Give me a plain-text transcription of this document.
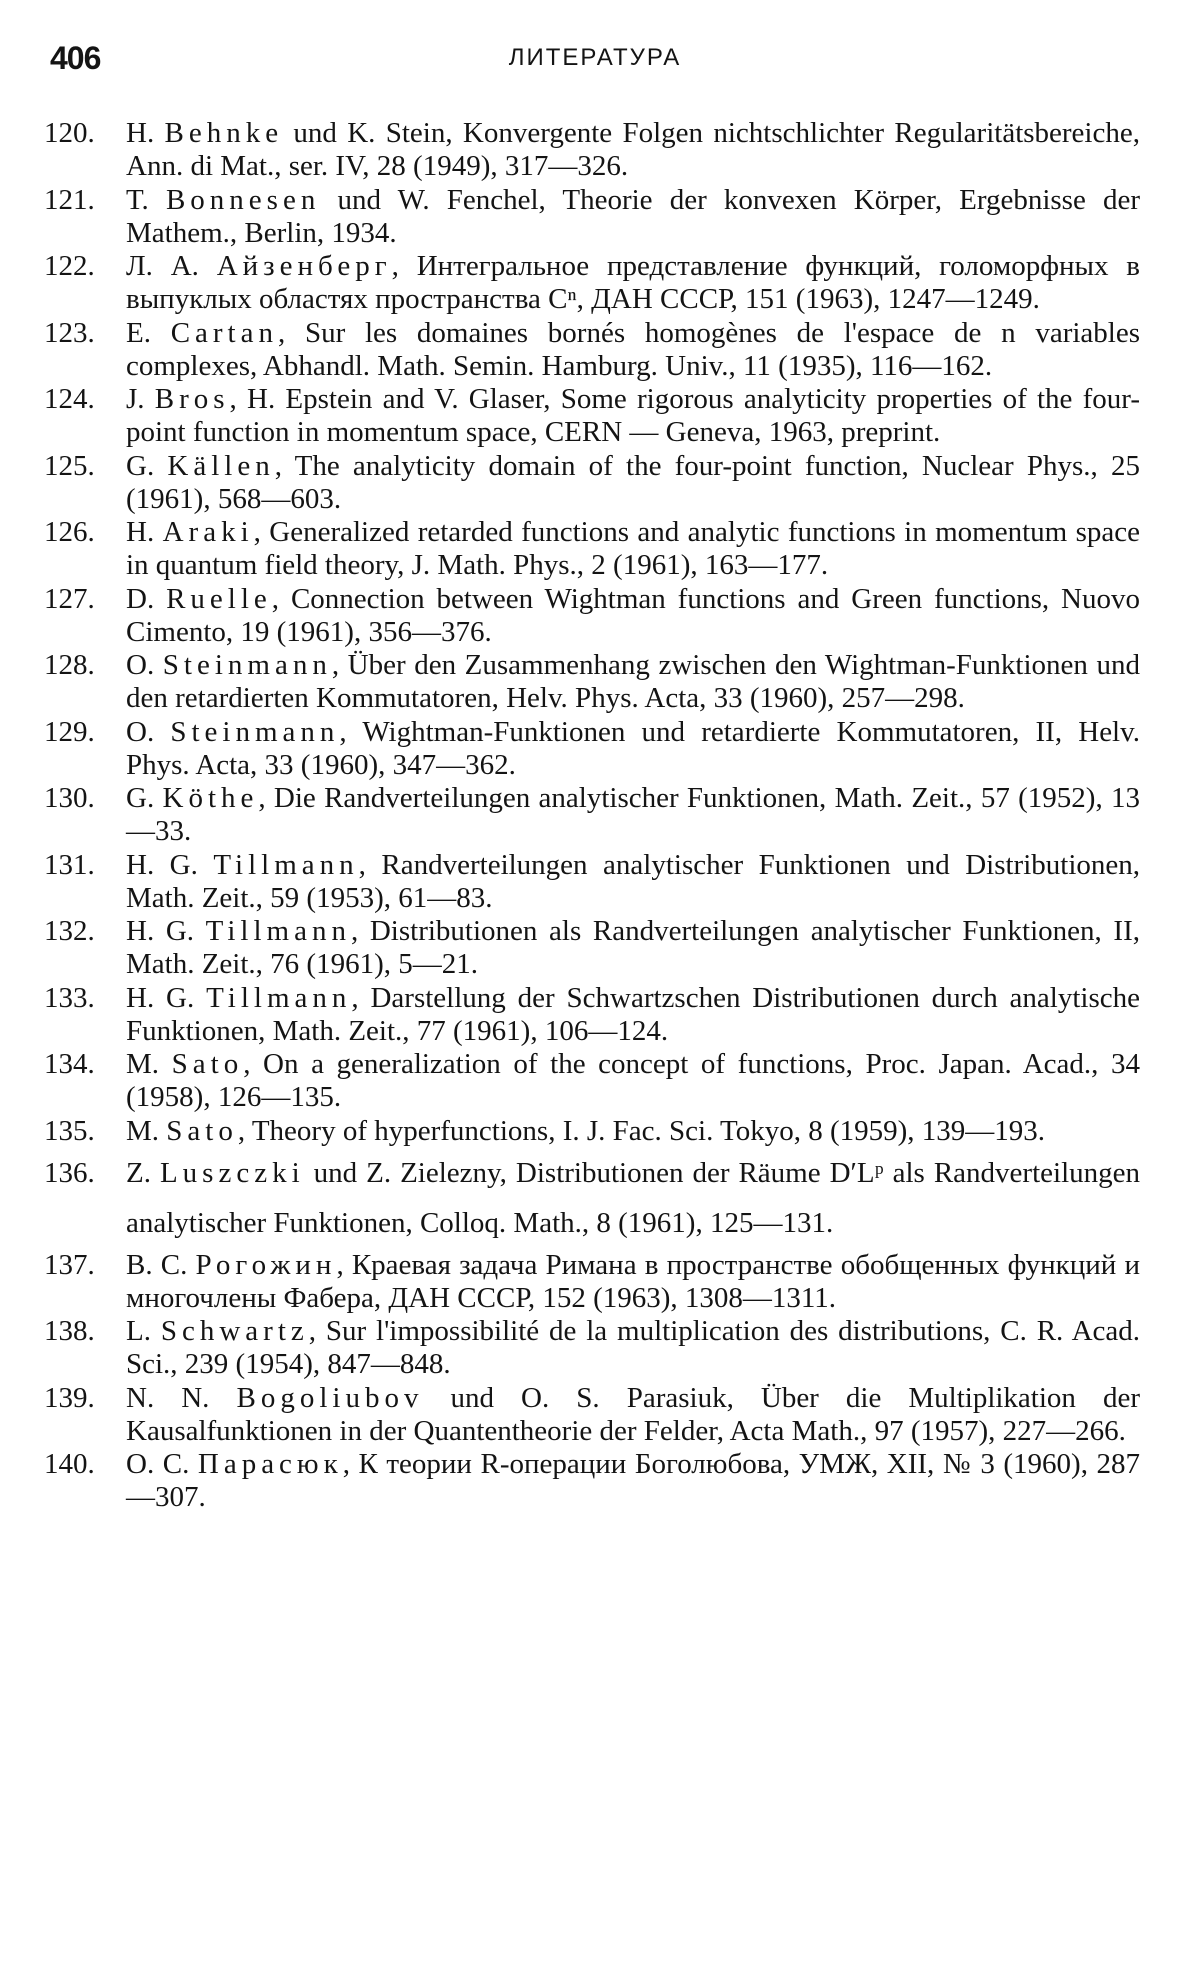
406	ЛИТЕРАТУРА
120.	H. Behnke und K. Stein, Konvergente Folgen nichtschlichter Regularitätsbereiche, Ann. di Mat., ser. IV, 28 (1949), 317—326.
121.	T. Bonnesen und W. Fenchel, Theorie der konvexen Körper, Ergebnisse der Mathem., Berlin, 1934.
122.	Л. А. Айзенберг, Интегральное представление функций, голоморфных в выпуклых областях пространства Cⁿ, ДАН СССР, 151 (1963), 1247—1249.
123.	E. Cartan, Sur les domaines bornés homogènes de l'espace de n variables complexes, Abhandl. Math. Semin. Hamburg. Univ., 11 (1935), 116—162.
124.	J. Bros, H. Epstein and V. Glaser, Some rigorous analyticity properties of the four-point function in momentum space, CERN — Geneva, 1963, preprint.
125.	G. Källen, The analyticity domain of the four-point function, Nuclear Phys., 25 (1961), 568—603.
126.	H. Araki, Generalized retarded functions and analytic functions in momentum space in quantum field theory, J. Math. Phys., 2 (1961), 163—177.
127.	D. Ruelle, Connection between Wightman functions and Green functions, Nuovo Cimento, 19 (1961), 356—376.
128.	O. Steinmann, Über den Zusammenhang zwischen den Wightman-Funktionen und den retardierten Kommutatoren, Helv. Phys. Acta, 33 (1960), 257—298.
129.	O. Steinmann, Wightman-Funktionen und retardierte Kommutatoren, II, Helv. Phys. Acta, 33 (1960), 347—362.
130.	G. Köthe, Die Randverteilungen analytischer Funktionen, Math. Zeit., 57 (1952), 13—33.
131.	H. G. Tillmann, Randverteilungen analytischer Funktionen und Distributionen, Math. Zeit., 59 (1953), 61—83.
132.	H. G. Tillmann, Distributionen als Randverteilungen analytischer Funktionen, II, Math. Zeit., 76 (1961), 5—21.
133.	H. G. Tillmann, Darstellung der Schwartzschen Distributionen durch analytische Funktionen, Math. Zeit., 77 (1961), 106—124.
134.	M. Sato, On a generalization of the concept of functions, Proc. Japan. Acad., 34 (1958), 126—135.
135.	M. Sato, Theory of hyperfunctions, I. J. Fac. Sci. Tokyo, 8 (1959), 139—193.
136.	Z. Luszczki und Z. Zielezny, Distributionen der Räume D′Lᵖ als Randverteilungen analytischer Funktionen, Colloq. Math., 8 (1961), 125—131.
137.	В. С. Рогожин, Краевая задача Римана в пространстве обобщенных функций и многочлены Фабера, ДАН СССР, 152 (1963), 1308—1311.
138.	L. Schwartz, Sur l'impossibilité de la multiplication des distributions, C. R. Acad. Sci., 239 (1954), 847—848.
139.	N. N. Bogoliubov und O. S. Parasiuk, Über die Multiplikation der Kausalfunktionen in der Quantentheorie der Felder, Acta Math., 97 (1957), 227—266.
140.	О. С. Парасюк, К теории R-операции Боголюбова, УМЖ, XII, № 3 (1960), 287—307.
